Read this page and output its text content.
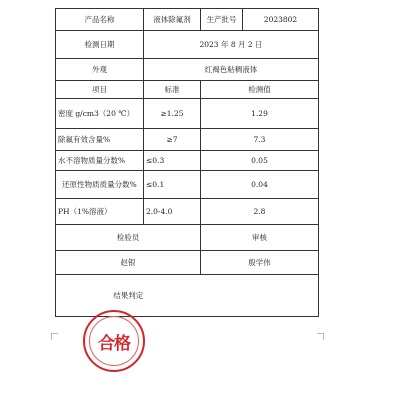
产品名称	液体除氟剂	生产批号	2023802
检测日期	2023 年 8 月 2 日		
外观	红褐色粘稠液体		
项目	标准	检测值	
密度 g/cm3（20 ℃）	≥1.25	1.29	
除氟有效含量%	≥7	7.3	
水不溶物质量分数%	≤0.3	0.05	
还原性物质质量分数%	≤0.1	0.04	
PH（1%溶液）	2.0-4.0	2.8	
检验员		审核	
赵银		殷学伟	
结果判定			
合格
